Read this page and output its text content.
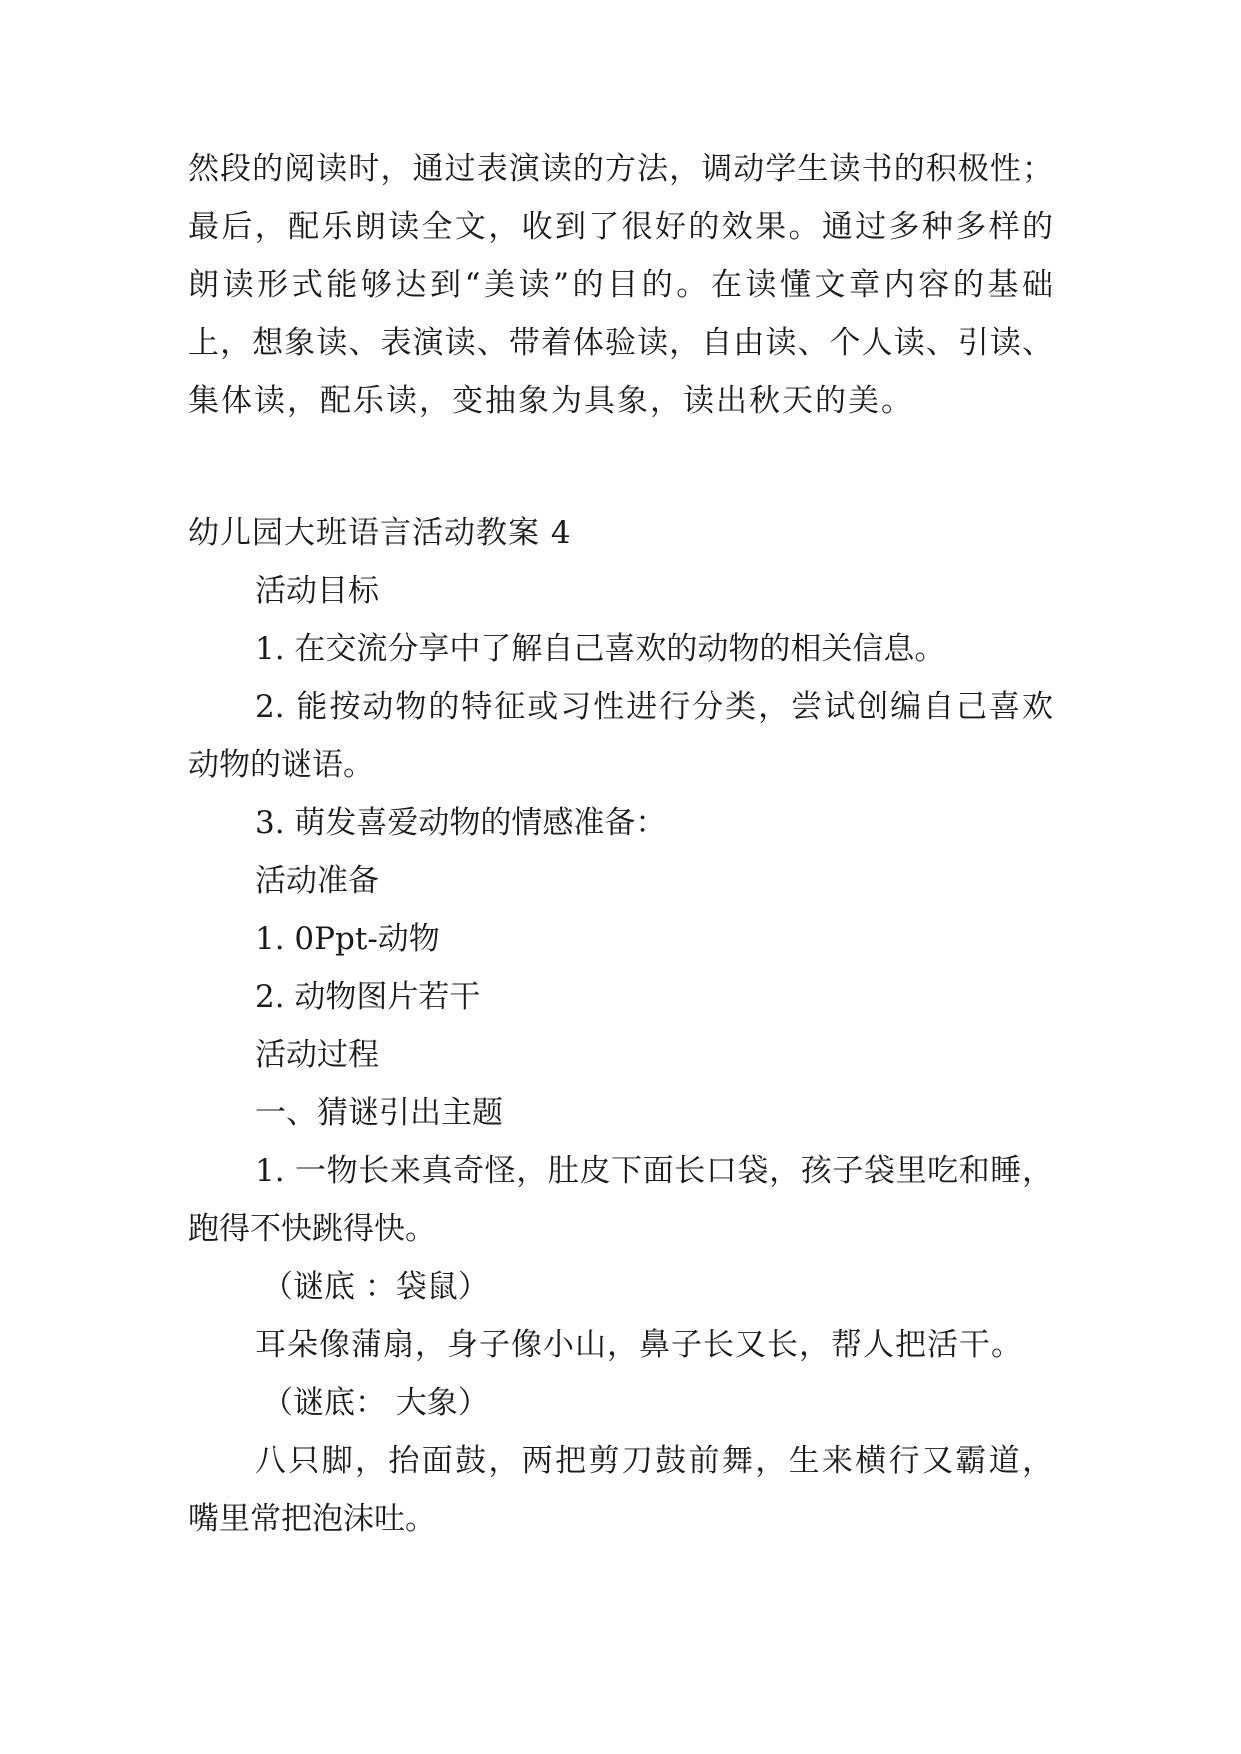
然段的阅读时，通过表演读的方法，调动学生读书的积极性；
最后，配乐朗读全文，收到了很好的效果。通过多种多样的
朗读形式能够达到“美读”的目的。在读懂文章内容的基础
上，想象读、表演读、带着体验读，自由读、个人读、引读、
集体读，配乐读，变抽象为具象，读出秋天的美。
幼儿园大班语言活动教案 4
活动目标
1. 在交流分享中了解自己喜欢的动物的相关信息。
2. 能按动物的特征或习性进行分类，尝试创编自己喜欢
动物的谜语。
3. 萌发喜爱动物的情感准备：
活动准备
1. 0Ppt-动物
2. 动物图片若干
活动过程
一、猜谜引出主题
1. 一物长来真奇怪，肚皮下面长口袋，孩子袋里吃和睡，
跑得不快跳得快。
（谜底 ：袋鼠）
耳朵像蒲扇，身子像小山，鼻子长又长，帮人把活干。
（谜底： 大象）
八只脚，抬面鼓，两把剪刀鼓前舞，生来横行又霸道，
嘴里常把泡沫吐。
